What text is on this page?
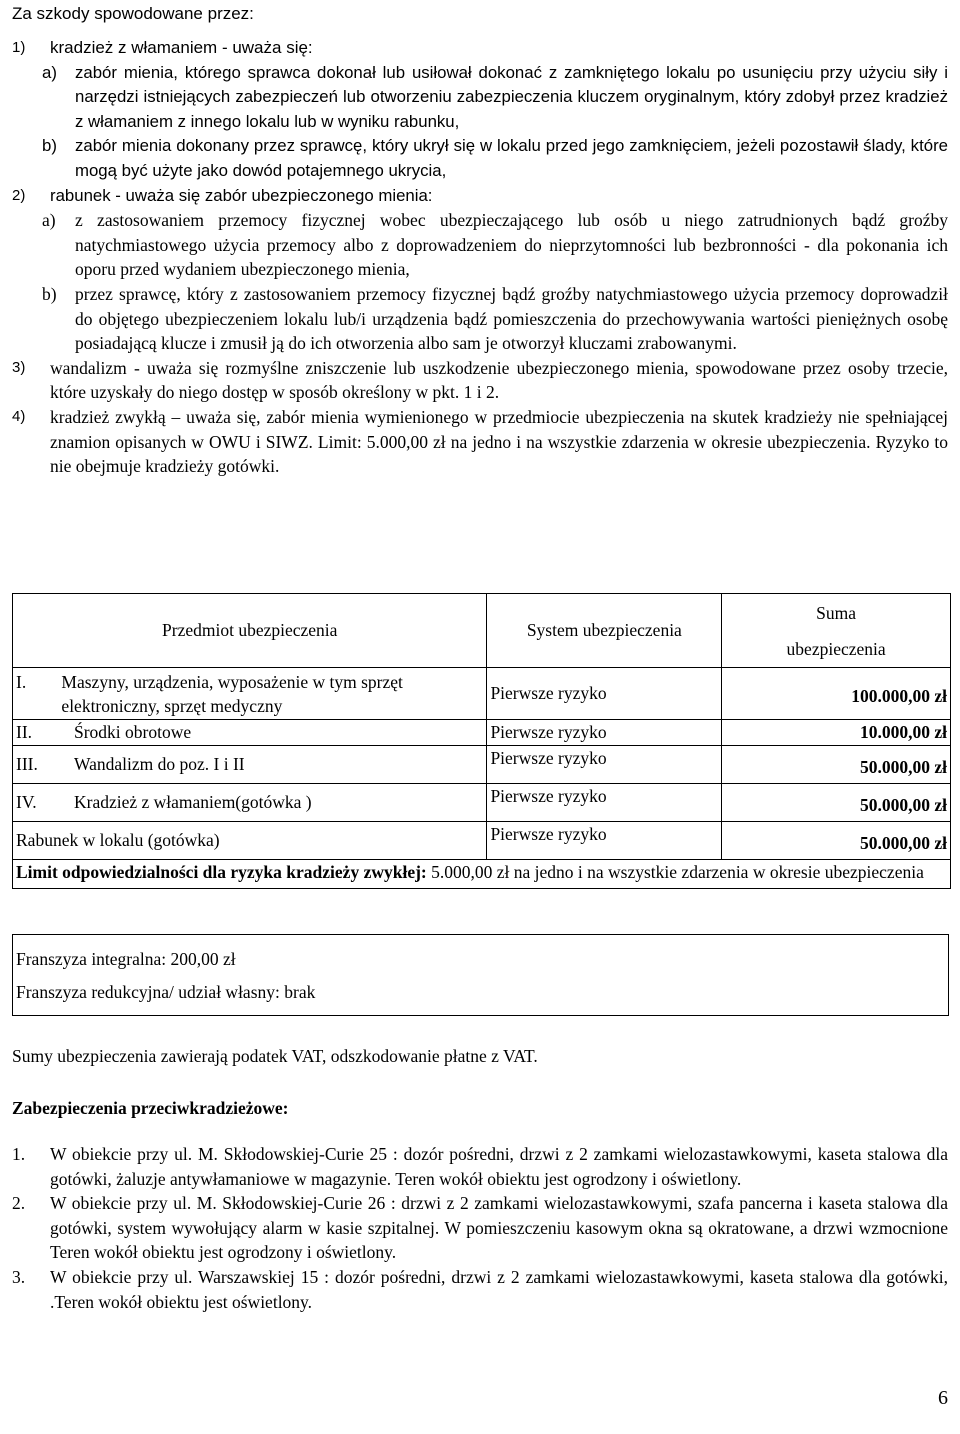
Za szkody spowodowane przez:
1)	kradzież z włamaniem - uważa się:
a)	zabór mienia, którego sprawca dokonał lub usiłował dokonać z zamkniętego lokalu po usunięciu przy użyciu siły i narzędzi istniejących zabezpieczeń lub otworzeniu zabezpieczenia kluczem oryginalnym, który zdobył przez kradzież z włamaniem z innego lokalu lub w wyniku rabunku,
b)	zabór mienia dokonany przez sprawcę, który ukrył się w lokalu przed jego zamknięciem, jeżeli pozostawił ślady, które mogą być użyte jako dowód potajemnego ukrycia,
2)	rabunek - uważa się zabór ubezpieczonego mienia:
a)	z zastosowaniem przemocy fizycznej wobec ubezpieczającego lub osób u niego zatrudnionych bądź groźby natychmiastowego użycia przemocy albo z doprowadzeniem do nieprzytomności lub bezbronności - dla pokonania ich oporu przed wydaniem ubezpieczonego mienia,
b)	przez sprawcę, który z zastosowaniem przemocy fizycznej bądź groźby natychmiastowego użycia przemocy doprowadził do objętego ubezpieczeniem lokalu lub/i urządzenia bądź pomieszczenia do przechowywania wartości pieniężnych osobę posiadającą klucze i zmusił ją do ich otworzenia albo sam je otworzył kluczami zrabowanymi.
3)	wandalizm - uważa się rozmyślne zniszczenie lub uszkodzenie ubezpieczonego mienia, spowodowane przez osoby trzecie, które uzyskały do niego dostęp w sposób określony w pkt. 1 i 2.
4)	kradzież zwykłą – uważa się, zabór mienia wymienionego w przedmiocie ubezpieczenia na skutek kradzieży nie spełniającej znamion opisanych w OWU i SIWZ. Limit: 5.000,00 zł na jedno i na wszystkie zdarzenia w okresie ubezpieczenia. Ryzyko to nie obejmuje kradzieży gotówki.
Przedmiot ubezpieczenia	System ubezpieczenia	Suma
ubezpieczenia

I. Maszyny, urządzenia, wyposażenie w tym sprzęt elektroniczny, sprzęt medyczny	Pierwsze ryzyko	100.000,00 zł
II. Środki obrotowe	Pierwsze ryzyko	10.000,00 zł
III. Wandalizm do poz. I i II	Pierwsze ryzyko	50.000,00 zł
IV. Kradzież z włamaniem(gotówka )	Pierwsze ryzyko	50.000,00 zł
Rabunek w lokalu (gotówka)	Pierwsze ryzyko	50.000,00 zł
Limit odpowiedzialności dla ryzyka kradzieży zwykłej: 5.000,00 zł na jedno i na wszystkie zdarzenia w okresie ubezpieczenia		
Franszyza integralna: 200,00 zł
Franszyza redukcyjna/ udział własny: brak
Sumy ubezpieczenia zawierają podatek VAT, odszkodowanie płatne z VAT.
Zabezpieczenia przeciwkradzieżowe:
1.	W obiekcie przy ul. M. Skłodowskiej-Curie 25 : dozór pośredni, drzwi z 2 zamkami wielozastawkowymi, kaseta stalowa dla gotówki, żaluzje antywłamaniowe w magazynie. Teren wokół obiektu jest ogrodzony i oświetlony.
2.	W obiekcie przy ul. M. Skłodowskiej-Curie 26 : drzwi z 2 zamkami wielozastawkowymi, szafa pancerna i kaseta stalowa dla gotówki, system wywołujący alarm w kasie szpitalnej. W pomieszczeniu kasowym okna są okratowane, a drzwi wzmocnione Teren wokół obiektu jest ogrodzony i oświetlony.
3.	W obiekcie przy ul. Warszawskiej 15 : dozór pośredni, drzwi z 2 zamkami wielozastawkowymi, kaseta stalowa dla gotówki, .Teren wokół obiektu jest oświetlony.
6
